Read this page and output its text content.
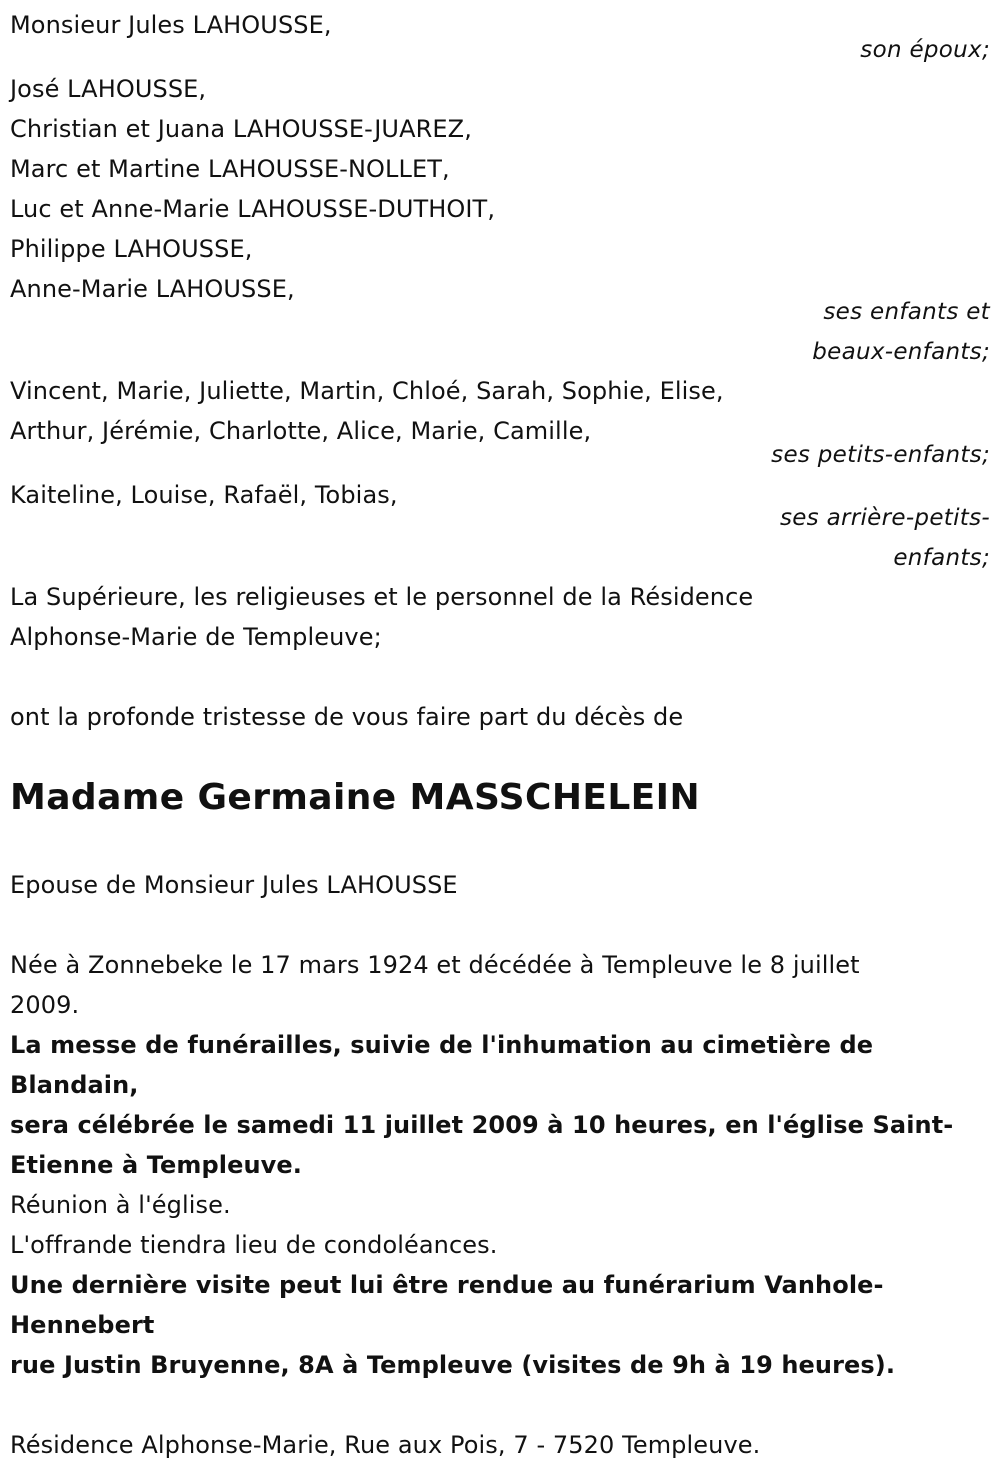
Monsieur Jules LAHOUSSE,
son époux;
José LAHOUSSE,
Christian et Juana LAHOUSSE-JUAREZ,
Marc et Martine LAHOUSSE-NOLLET,
Luc et Anne-Marie LAHOUSSE-DUTHOIT,
Philippe LAHOUSSE,
Anne-Marie LAHOUSSE,
ses enfants et
beaux-enfants;
Vincent, Marie, Juliette, Martin, Chloé, Sarah, Sophie, Elise,
Arthur, Jérémie, Charlotte, Alice, Marie, Camille,
ses petits-enfants;
Kaiteline, Louise, Rafaël, Tobias,
ses arrière-petits-
enfants;
La Supérieure, les religieuses et le personnel de la Résidence
Alphonse-Marie de Templeuve;
ont la profonde tristesse de vous faire part du décès de
Madame Germaine MASSCHELEIN
Epouse de Monsieur Jules LAHOUSSE
Née à Zonnebeke le 17 mars 1924 et décédée à Templeuve le 8 juillet
2009.
La messe de funérailles, suivie de l'inhumation au cimetière de
Blandain,
sera célébrée le samedi 11 juillet 2009 à 10 heures, en l'église Saint-
Etienne à Templeuve.
Réunion à l'église.
L'offrande tiendra lieu de condoléances.
Une dernière visite peut lui être rendue au funérarium Vanhole-
Hennebert
rue Justin Bruyenne, 8A à Templeuve (visites de 9h à 19 heures).
Résidence Alphonse-Marie, Rue aux Pois, 7 - 7520 Templeuve.
